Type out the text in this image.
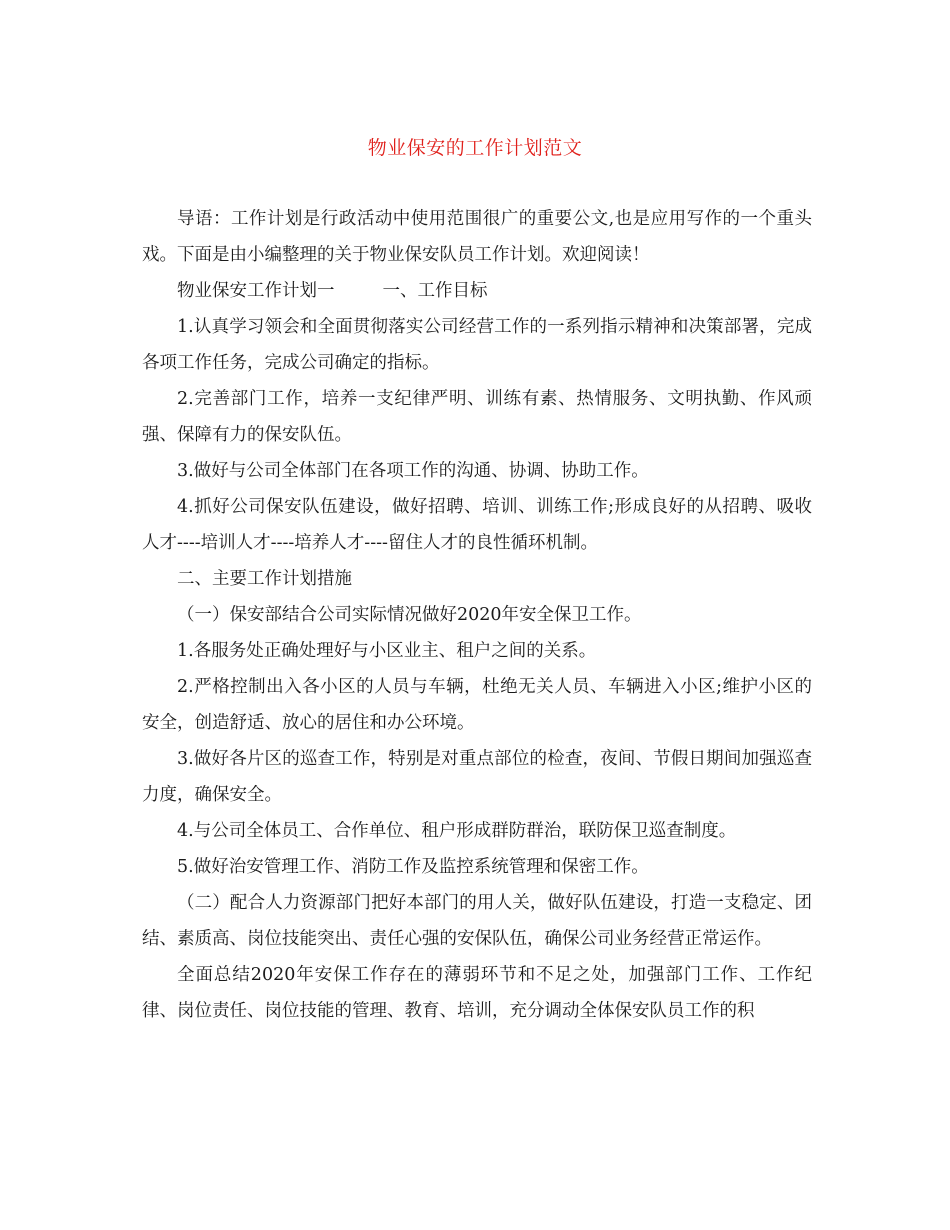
物业保安的工作计划范文

导语：工作计划是行政活动中使用范围很广的重要公文,也是应用写作的一个重头戏。下面是由小编整理的关于物业保安队员工作计划。欢迎阅读！

物业保安工作计划一	一、工作目标

1.认真学习领会和全面贯彻落实公司经营工作的一系列指示精神和决策部署，完成各项工作任务，完成公司确定的指标。

2.完善部门工作，培养一支纪律严明、训练有素、热情服务、文明执勤、作风顽强、保障有力的保安队伍。

3.做好与公司全体部门在各项工作的沟通、协调、协助工作。

4.抓好公司保安队伍建设，做好招聘、培训、训练工作;形成良好的从招聘、吸收人才----培训人才----培养人才----留住人才的良性循环机制。

二、主要工作计划措施

（一）保安部结合公司实际情况做好2020年安全保卫工作。

1.各服务处正确处理好与小区业主、租户之间的关系。

2.严格控制出入各小区的人员与车辆，杜绝无关人员、车辆进入小区;维护小区的安全，创造舒适、放心的居住和办公环境。

3.做好各片区的巡查工作，特别是对重点部位的检查，夜间、节假日期间加强巡查力度，确保安全。

4.与公司全体员工、合作单位、租户形成群防群治，联防保卫巡查制度。

5.做好治安管理工作、消防工作及监控系统管理和保密工作。

（二）配合人力资源部门把好本部门的用人关，做好队伍建设，打造一支稳定、团结、素质高、岗位技能突出、责任心强的安保队伍，确保公司业务经营正常运作。

全面总结2020年安保工作存在的薄弱环节和不足之处，加强部门工作、工作纪律、岗位责任、岗位技能的管理、教育、培训，充分调动全体保安队员工作的积
